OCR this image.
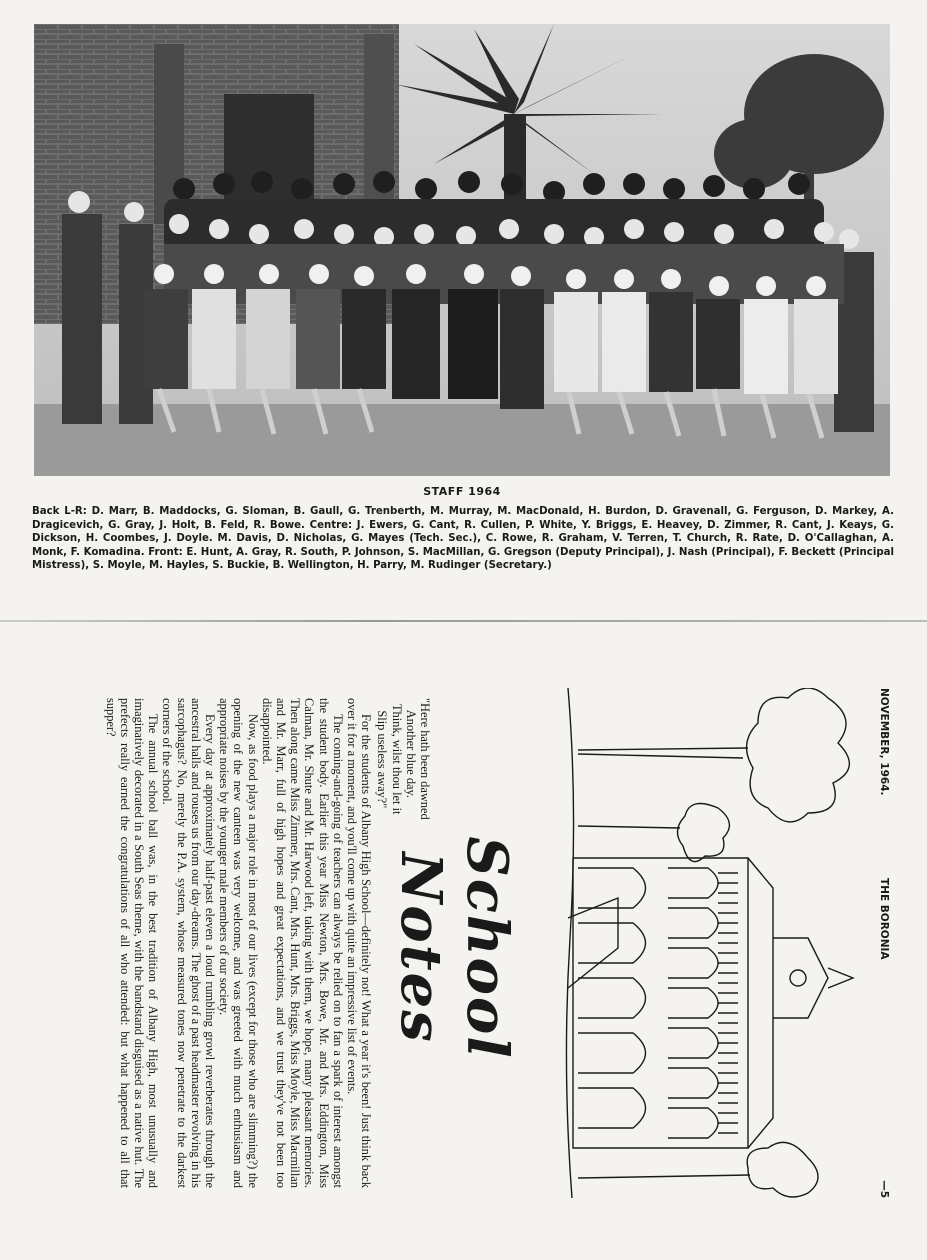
STAFF 1964
Back L-R: D. Marr, B. Maddocks, G. Sloman, B. Gaull, G. Trenberth, M. Murray, M. MacDonald, H. Burdon, D. Gravenall, G. Ferguson, D. Markey, A. Dragicevich, G. Gray, J. Holt, B. Feld, R. Bowe. Centre: J. Ewers, G. Cant, R. Cullen, P. White, Y. Briggs, E. Heavey, D. Zimmer, R. Cant, J. Keays, G. Dickson, H. Coombes, J. Doyle. M. Davis, D. Nicholas, G. Mayes (Tech. Sec.), C. Rowe, R. Graham, V. Terren, T. Church, R. Rate, D. O'Callaghan, A. Monk, F. Komadina. Front: E. Hunt, A. Gray, R. South, P. Johnson, S. MacMillan, G. Gregson (Deputy Principal), J. Nash (Principal), F. Beckett (Principal Mistress), S. Moyle, M. Hayles, S. Buckie, B. Wellington, H. Parry, M. Rudinger (Secretary.)
NOVEMBER, 1964.
THE BORONIA
—5
School Notes
"Here hath been dawned
Another blue day.
Think, wilst thou let it
Slip useless away?"

For the students of Albany High School—definitely not! What a year it's been! Just think back over it for a moment, and you'll come up with quite an impressive list of events.

The coming-and-going of teachers can always be relied on to fan a spark of interest amongst the student body. Earlier this year Miss Newton, Mrs. Bowe, Mr. and Mrs. Eddington, Miss Calman, Mr. Shute and Mr. Harwood left, taking with them, we hope, many pleasant memories. Then along came Miss Zimmer, Mrs. Cant, Mrs. Hunt, Mrs. Briggs, Miss Moyle, Miss Macmillan and Mr. Marr, full of high hopes and great expectations, and we trust they've not been too disappointed.

Now, as food plays a major role in most of our lives (except for those who are slimming?) the opening of the new canteen was very welcome, and was greeted with much enthusiasm and appropriate noises by the younger male members of our society.

Every day at approximately half-past eleven a loud rumbling growl reverberates through the ancestral halls and rouses us from our day-dreams. The ghost of a past headmaster revolving in his sarcophagus? No, merely the P.A. system, whose measured tones now penetrate to the darkest corners of the school.

The annual school ball was, in the best tradition of Albany High, most unusually and imaginatively decorated in a South Seas theme, with the bandstand disguised as a native hut. The prefects really earned the congratulations of all who attended: but what happened to all that supper?
